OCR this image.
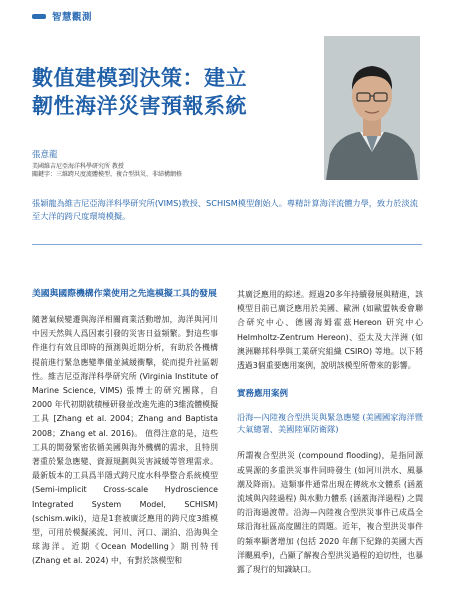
智慧觀測
數值建模到決策：建立
韌性海洋災害預報系統
張意龍
美國維吉尼亞海洋科學研究所 教授
關鍵字：三維跨尺度流體模型、複合型洪災、非結構網格
張穎龍為維吉尼亞海洋科學研究所(VIMS)教授、SCHISM模型創始人。專精計算海洋流體力學，致力於淡流至大洋的跨尺度環境模擬。
美國與國際機構作業使用之先進模擬工具的發展

隨著氣候變遷與海洋相關商業活動增加，海洋與河川中因天然與人爲因素引發的災害日益頻繁。對這些事件進行有效且即時的預測與近期分析，有助於各機構提前進行緊急應變準備並減緩衝擊，從而提升社區韌性。維吉尼亞海洋科學研究所 (Virginia Institute of Marine Science, VIMS) 張博士的研究團隊，自 2000 年代初期就積極研發並改進先進的3維流體模擬工具 [Zhang et al. 2004；Zhang and Baptista 2008；Zhang et al. 2016)。 值得注意的是，這些工具的開發緊密依循美國與海外機構的需求，且特別著重於緊急應變、資源規劃與災害減緩等管理需求。最新版本的工具爲半隱式跨尺度水科學整合系統模型 (Semi-implicit Cross-scale Hydroscience Integrated System Model, SCHISM) (schism.wiki)，這是1套被廣泛應用的跨尺度3維模型，可用於模擬溪流、河川、河口、湖泊、沿海與全球海洋。近期《Ocean Modelling》期刊特刊 (Zhang et al. 2024) 中，有對於該模型和

其廣泛應用的綜述。經過20多年持續發展與精進，該模型目前已廣泛應用於美國、歐洲 (如歐盟執委會聯合研究中心、德國海姆霍茲Hereon 研究中心Helmholtz-Zentrum Hereon)、亞太及大洋洲 (如澳洲聯邦科學與工業研究組織 CSIRO) 等地。以下將透過3個重要應用案例，說明該模型所帶來的影響。

實務應用案例
沿海—內陸複合型洪災與緊急應變 (美國國家海洋暨大氣總署、美國陸軍防衛隊)

所謂複合型洪災 (compound flooding)，是指同源或異源的多重洪災事件同時發生 (如河川洪水、風暴潮及降雨)。這類事件通常出現在傳統水文體系 (涵蓋流域與內陸過程) 與水動力體系 (涵蓋海洋過程) 之間的沿海過渡帶。沿海—內陸複合型洪災事件已成爲全球沿海社區高度關注的問題。近年，複合型洪災事件的頻率顯著增加 (包括 2020 年創下紀錄的美國大西洋颶風季)，凸顯了解複合型洪災過程的迫切性，也暴露了現行的知識缺口。
